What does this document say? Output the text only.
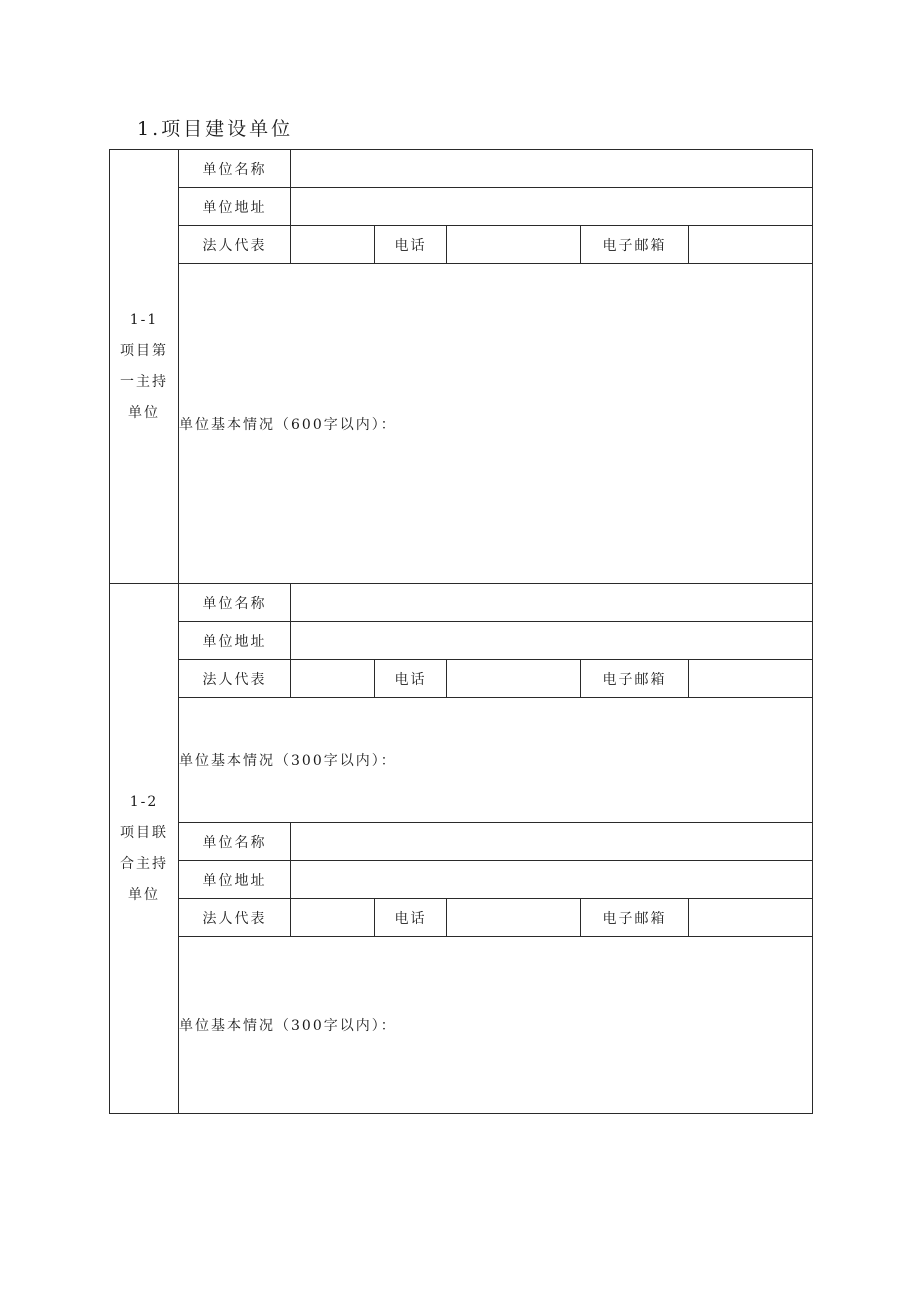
1.项目建设单位
1-1
项目第
一主持
单位	单位名称					
	单位地址					
	法人代表		电话		电子邮箱	
	单位基本情况（600字以内）：					

1-2
项目联
合主持
单位	单位名称					
	单位地址					
	法人代表		电话		电子邮箱	
	单位基本情况（300字以内）：					
	单位名称					
	单位地址					
	法人代表		电话		电子邮箱	
	单位基本情况（300字以内）：					
